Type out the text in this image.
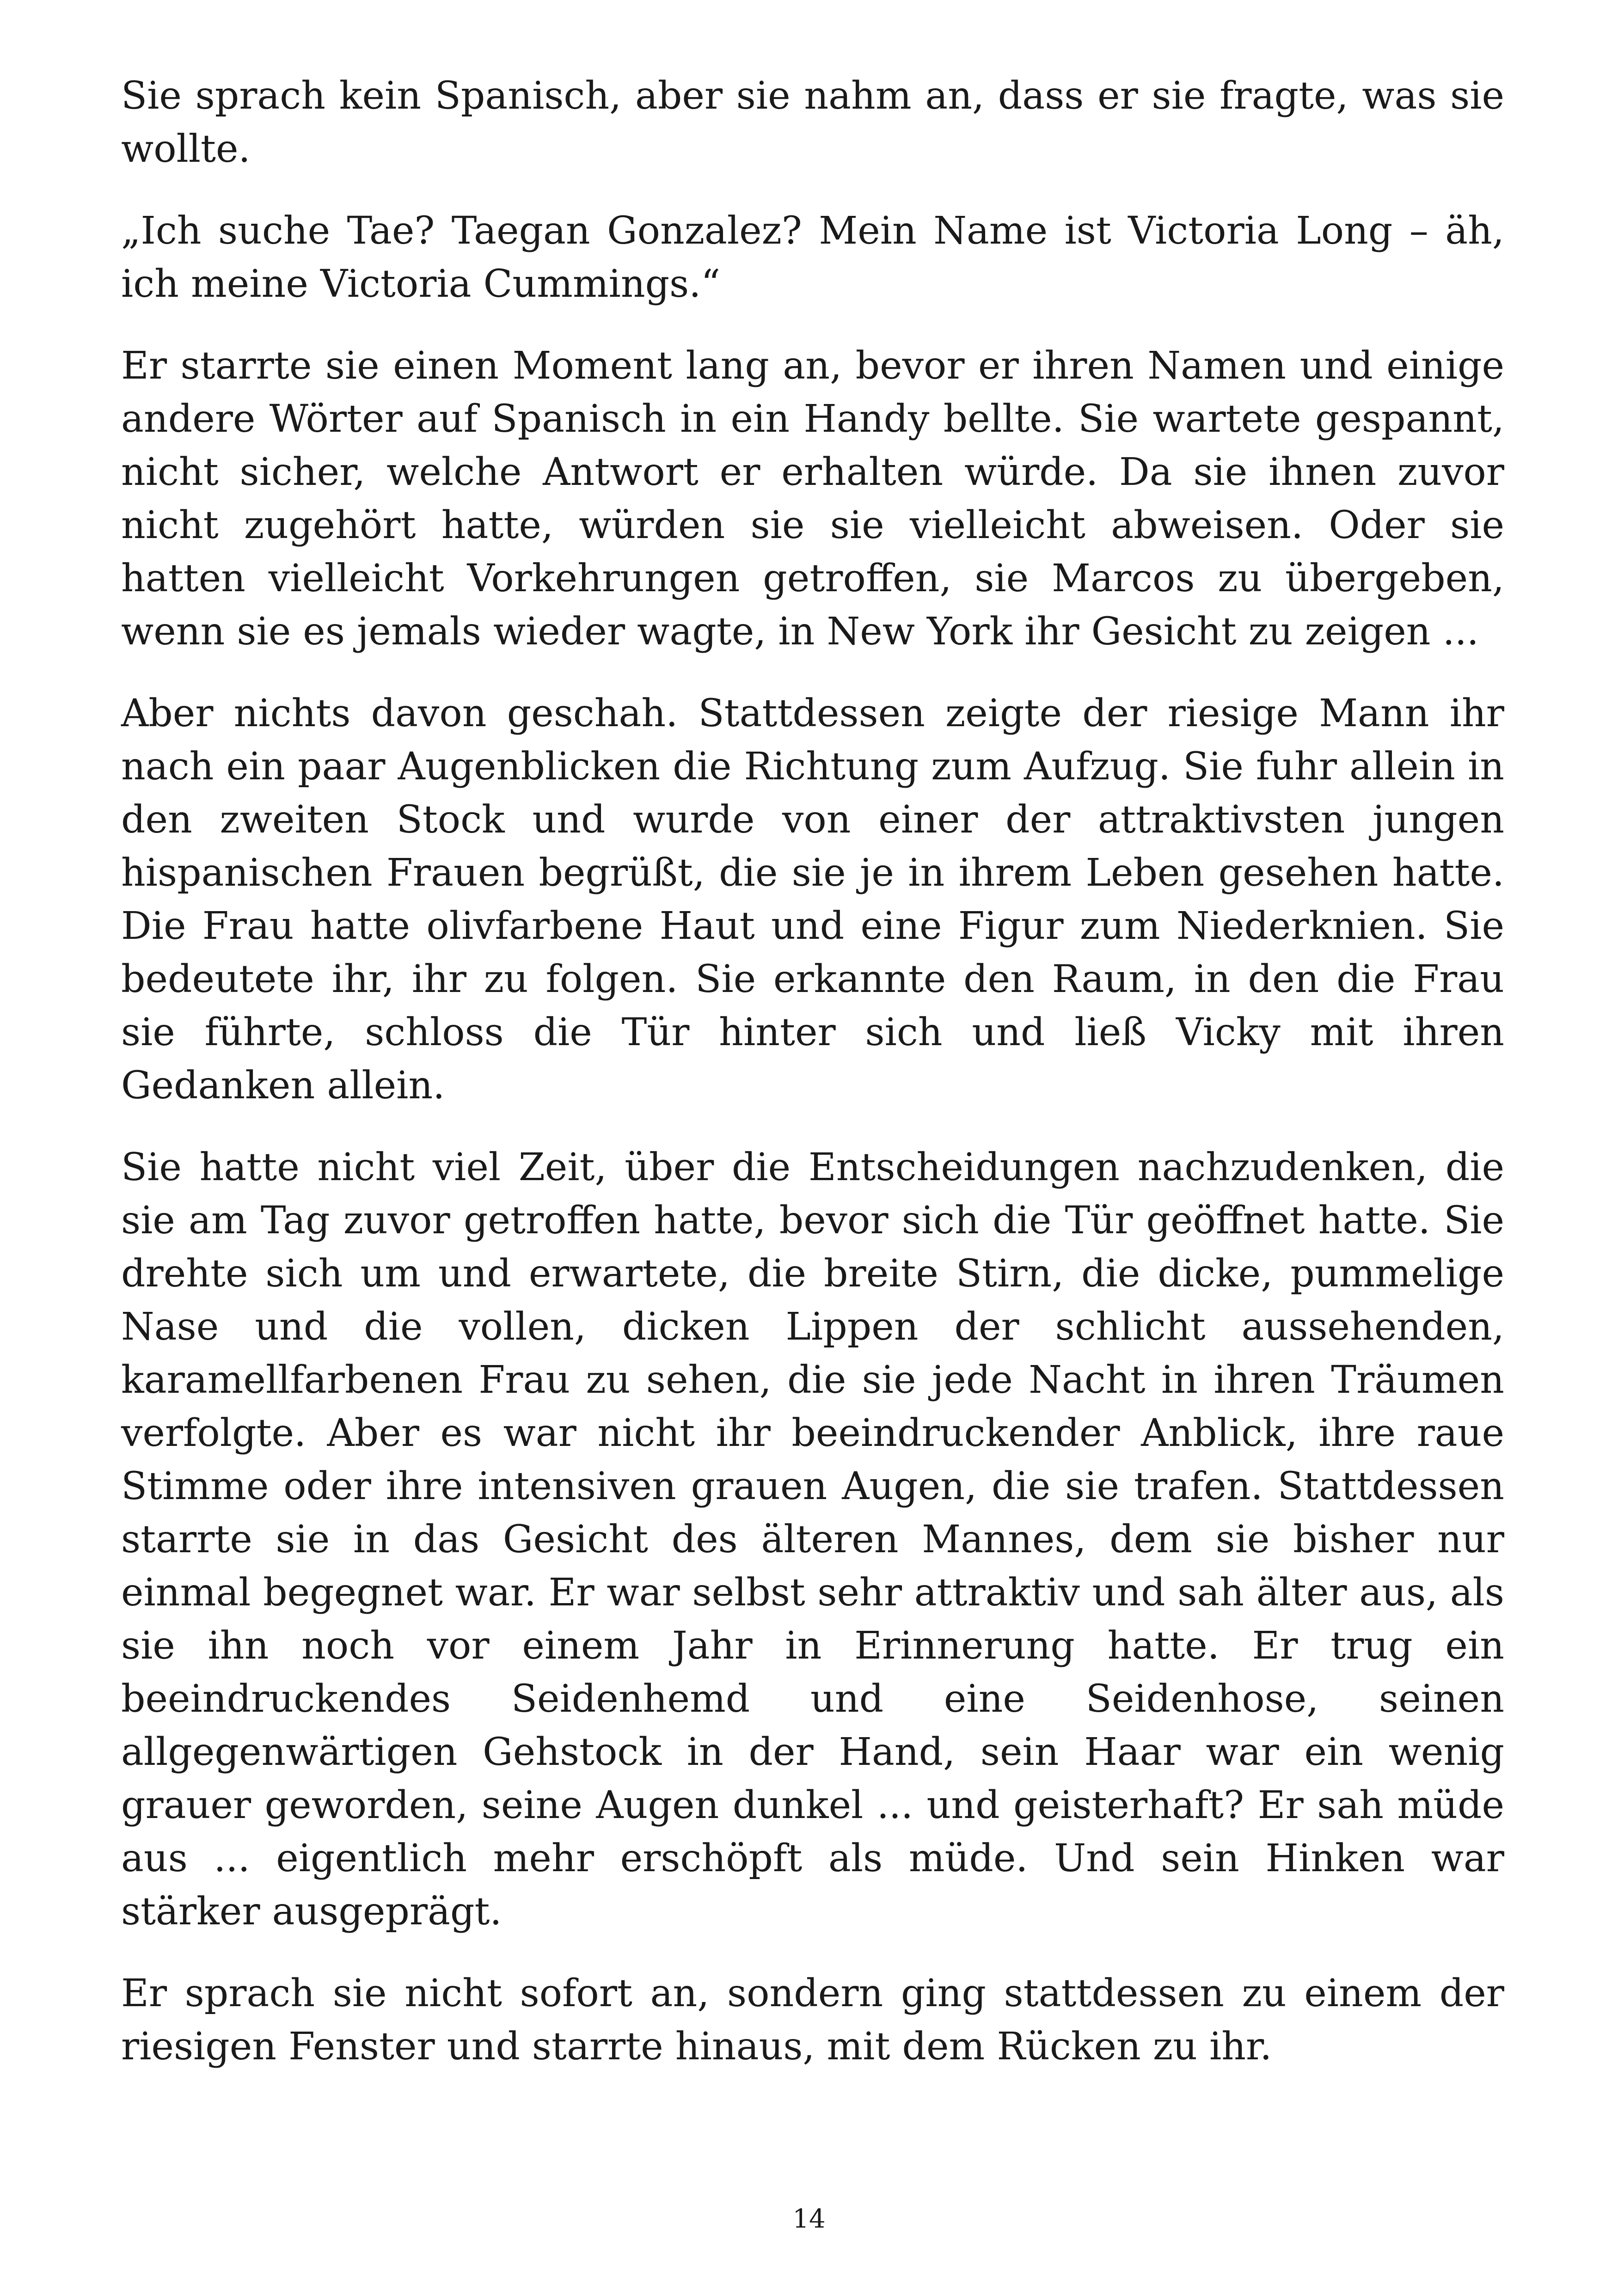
Sie sprach kein Spanisch, aber sie nahm an, dass er sie fragte, was sie wollte.

„Ich suche Tae? Taegan Gonzalez? Mein Name ist Victoria Long – äh, ich meine Victoria Cummings.“

Er starrte sie einen Moment lang an, bevor er ihren Namen und einige andere Wörter auf Spanisch in ein Handy bellte. Sie wartete gespannt, nicht sicher, welche Antwort er erhalten würde. Da sie ihnen zuvor nicht zugehört hatte, würden sie sie vielleicht abweisen. Oder sie hatten vielleicht Vorkehrungen getroffen, sie Marcos zu übergeben, wenn sie es jemals wieder wagte, in New York ihr Gesicht zu zeigen ...

Aber nichts davon geschah. Stattdessen zeigte der riesige Mann ihr nach ein paar Augenblicken die Richtung zum Aufzug. Sie fuhr allein in den zweiten Stock und wurde von einer der attraktivsten jungen hispanischen Frauen begrüßt, die sie je in ihrem Leben gesehen hatte. Die Frau hatte olivfarbene Haut und eine Figur zum Niederknien. Sie bedeutete ihr, ihr zu folgen. Sie erkannte den Raum, in den die Frau sie führte, schloss die Tür hinter sich und ließ Vicky mit ihren Gedanken allein.

Sie hatte nicht viel Zeit, über die Entscheidungen nachzudenken, die sie am Tag zuvor getroffen hatte, bevor sich die Tür geöffnet hatte. Sie drehte sich um und erwartete, die breite Stirn, die dicke, pummelige Nase und die vollen, dicken Lippen der schlicht aussehenden, karamellfarbenen Frau zu sehen, die sie jede Nacht in ihren Träumen verfolgte. Aber es war nicht ihr beeindruckender Anblick, ihre raue Stimme oder ihre intensiven grauen Augen, die sie trafen. Stattdessen starrte sie in das Gesicht des älteren Mannes, dem sie bisher nur einmal begegnet war. Er war selbst sehr attraktiv und sah älter aus, als sie ihn noch vor einem Jahr in Erinnerung hatte. Er trug ein beeindruckendes Seidenhemd und eine Seidenhose, seinen allgegenwärtigen Gehstock in der Hand, sein Haar war ein wenig grauer geworden, seine Augen dunkel ... und geisterhaft? Er sah müde aus ... eigentlich mehr erschöpft als müde. Und sein Hinken war stärker ausgeprägt.

Er sprach sie nicht sofort an, sondern ging stattdessen zu einem der riesigen Fenster und starrte hinaus, mit dem Rücken zu ihr.

14
